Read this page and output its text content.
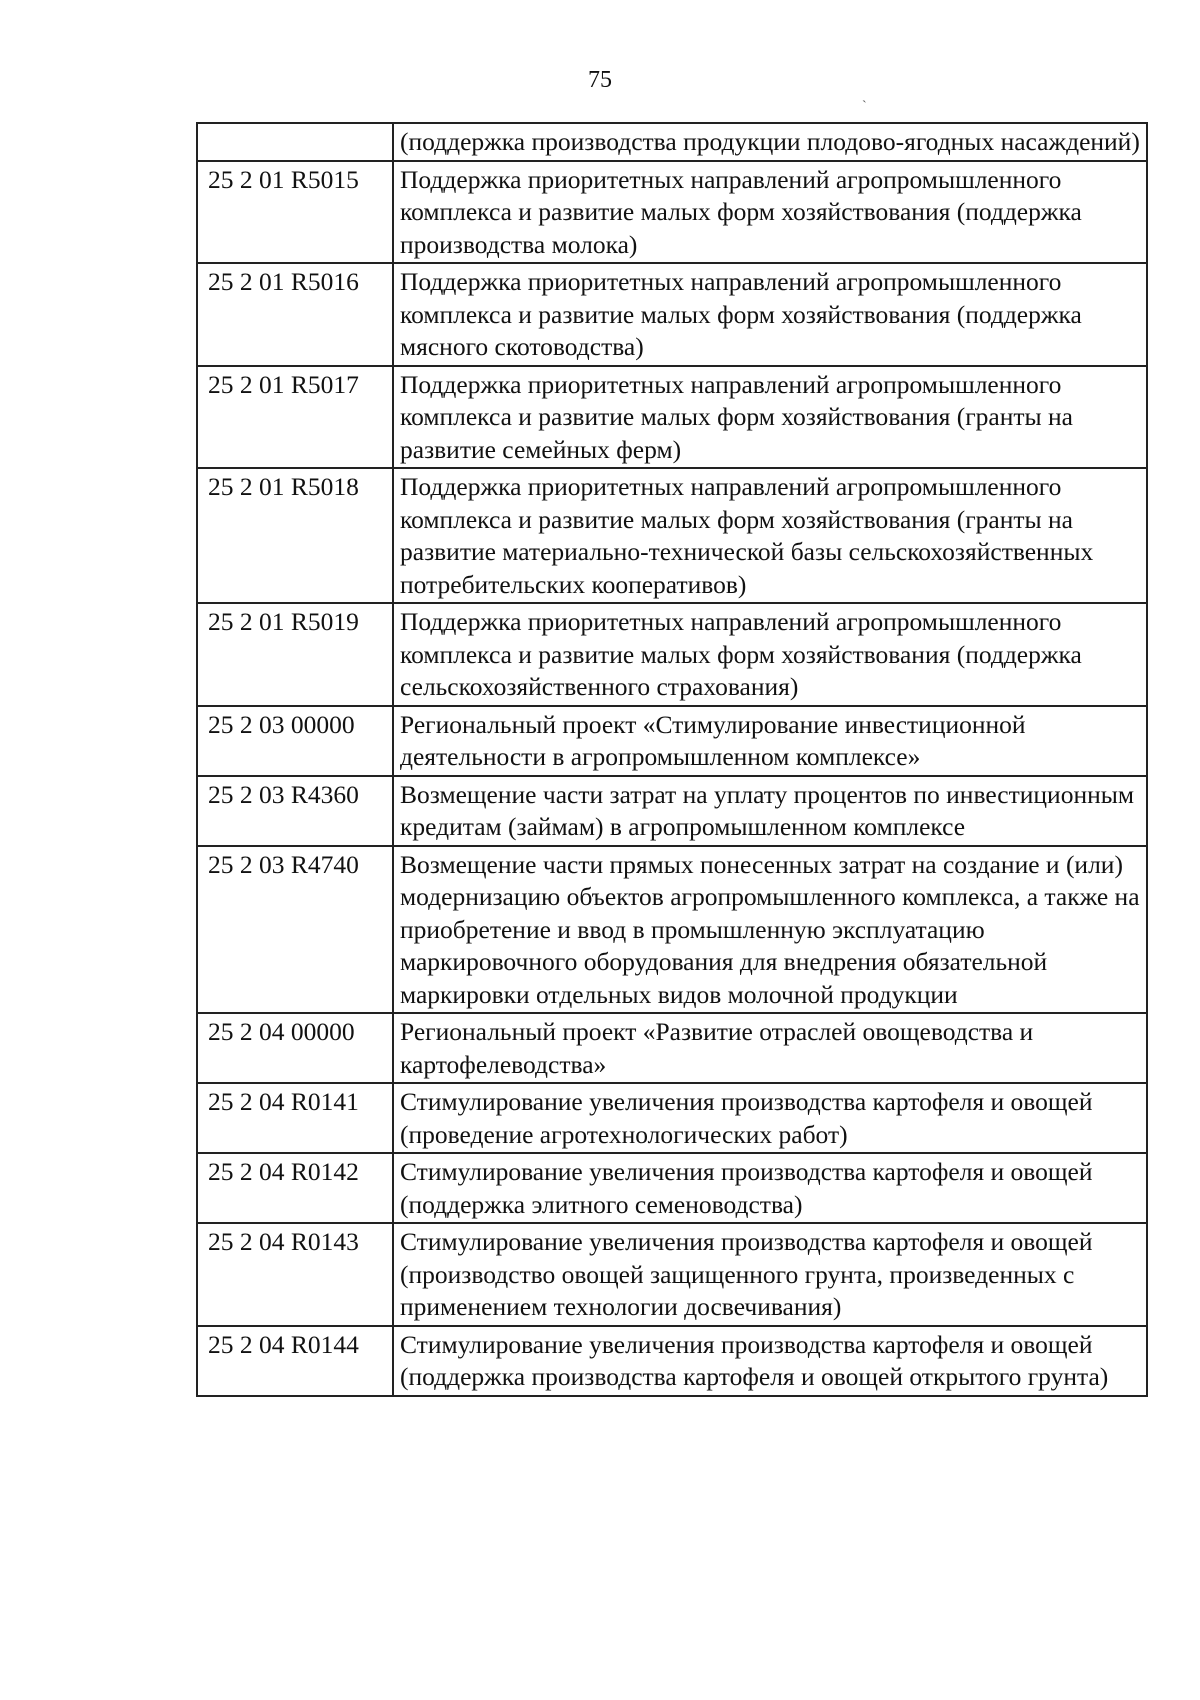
75
`
	(поддержка производства продукции плодово-ягодных насаждений)
25 2 01 R5015	Поддержка приоритетных направлений агропромышленного комплекса и развитие малых форм хозяйствования (поддержка производства молока)
25 2 01 R5016	Поддержка приоритетных направлений агропромышленного комплекса и развитие малых форм хозяйствования (поддержка мясного скотоводства)
25 2 01 R5017	Поддержка приоритетных направлений агропромышленного комплекса и развитие малых форм хозяйствования (гранты на развитие семейных ферм)
25 2 01 R5018	Поддержка приоритетных направлений агропромышленного комплекса и развитие малых форм хозяйствования (гранты на развитие материально-технической базы сельскохозяйственных потребительских кооперативов)
25 2 01 R5019	Поддержка приоритетных направлений агропромышленного комплекса и развитие малых форм хозяйствования (поддержка сельскохозяйственного страхования)
25 2 03 00000	Региональный проект «Стимулирование инвестиционной деятельности в агропромышленном комплексе»
25 2 03 R4360	Возмещение части затрат на уплату процентов по инвестиционным кредитам (займам) в агропромышленном комплексе
25 2 03 R4740	Возмещение части прямых понесенных затрат на создание и (или) модернизацию объектов агропромышленного комплекса, а также на приобретение и ввод в промышленную эксплуатацию маркировочного оборудования для внедрения обязательной маркировки отдельных видов молочной продукции
25 2 04 00000	Региональный проект «Развитие отраслей овощеводства и картофелеводства»
25 2 04 R0141	Стимулирование увеличения производства картофеля и овощей (проведение агротехнологических работ)
25 2 04 R0142	Стимулирование увеличения производства картофеля и овощей (поддержка элитного семеноводства)
25 2 04 R0143	Стимулирование увеличения производства картофеля и овощей (производство овощей защищенного грунта, произведенных с применением технологии досвечивания)
25 2 04 R0144	Стимулирование увеличения производства картофеля и овощей (поддержка производства картофеля и овощей открытого грунта)
